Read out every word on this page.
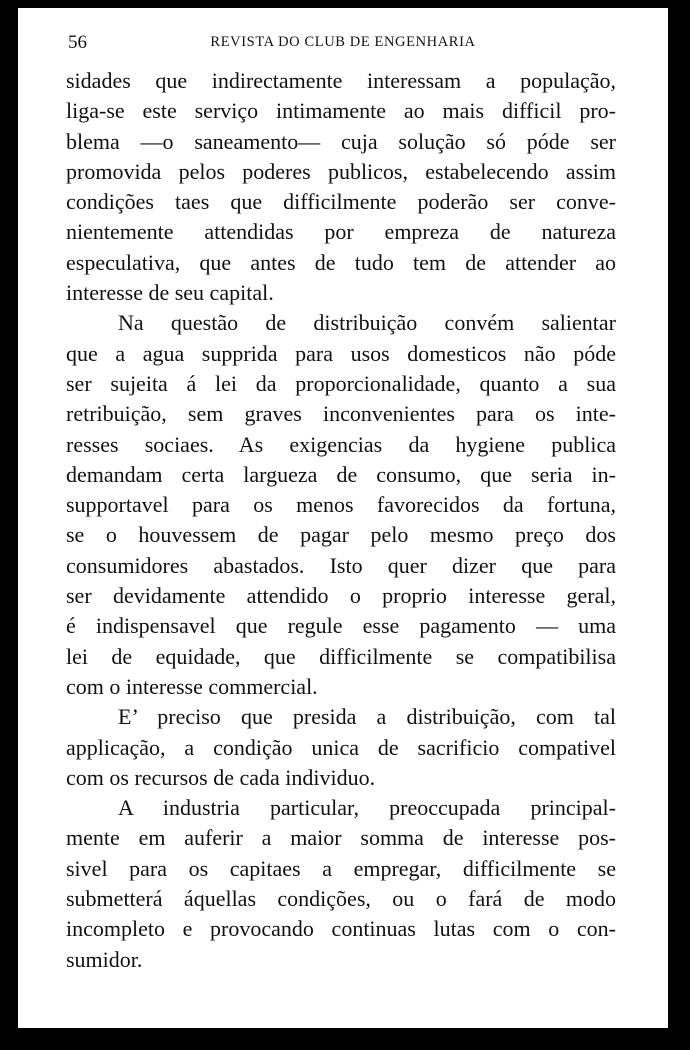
56	REVISTA DO CLUB DE ENGENHARIA

sidades que indirectamente interessam a população,
liga-se este serviço intimamente ao mais difficil pro-
blema —o saneamento— cuja solução só póde ser
promovida pelos poderes publicos, estabelecendo assim
condições taes que difficilmente poderão ser conve-
nientemente attendidas por empreza de natureza
especulativa, que antes de tudo tem de attender ao
interesse de seu capital.

Na questão de distribuição convém salientar
que a agua supprida para usos domesticos não póde
ser sujeita á lei da proporcionalidade, quanto a sua
retribuição, sem graves inconvenientes para os inte-
resses sociaes. As exigencias da hygiene publica
demandam certa largueza de consumo, que seria in-
supportavel para os menos favorecidos da fortuna,
se o houvessem de pagar pelo mesmo preço dos
consumidores abastados. Isto quer dizer que para
ser devidamente attendido o proprio interesse geral,
é indispensavel que regule esse pagamento — uma
lei de equidade, que difficilmente se compatibilisa
com o interesse commercial.

E’ preciso que presida a distribuição, com tal
applicação, a condição unica de sacrificio compativel
com os recursos de cada individuo.

A industria particular, preoccupada principal-
mente em auferir a maior somma de interesse pos-
sivel para os capitaes a empregar, difficilmente se
submetterá áquellas condições, ou o fará de modo
incompleto e provocando continuas lutas com o con-
sumidor.
